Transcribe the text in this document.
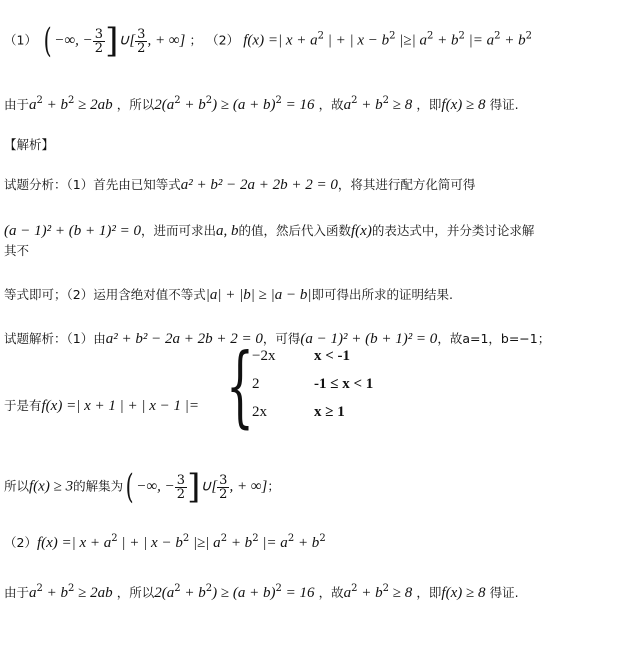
（1） ( −∞, − $\frac{3}{2}$ ]∪[ $\frac{3}{2}$ , + ∞] ； （2） f(x) =| $x + a^2$ | + | $x - b^2$ |≥| $a^2 + b^2$ |= $a^2 + b^2$
由于$a^2 + b^2 \ge 2ab$ ，所以$2(a^2 + b^2) \ge (a + b)^2 = 16$ ，故$a^2 + b^2 \ge 8$ ，即f(x) ≥ 8 得证.
【解析】
试题分析：（1）首先由已知等式a² + b² − 2a + 2b + 2 = 0，将其进行配方化简可得
(a − 1)² + (b + 1)² = 0，进而可求出a, b的值，然后代入函数f(x)的表达式中，并分类讨论求解
其不
等式即可；（2）运用含绝对值不等式|a| + |b| ≥ |a − b|即可得出所求的证明结果.
试题解析：（1）由a² + b² − 2a + 2b + 2 = 0，可得(a − 1)² + (b + 1)² = 0，故a=1，b=−1；
于是有f(x) =| x + 1 | + | x − 1 |= {
−2x	x < -1
2	-1 ≤ x < 1
2x	x ≥ 1
所以f(x) ≥ 3的解集为( −∞, − $\frac{3}{2}$ ]∪[ $\frac{3}{2}$ , + ∞]；
（2）f(x) =| $x + a^2$ | + | $x - b^2$ |≥| $a^2 + b^2$ |= $a^2 + b^2$
由于$a^2 + b^2 \ge 2ab$ ，所以$2(a^2 + b^2) \ge (a + b)^2 = 16$ ，故$a^2 + b^2 \ge 8$ ，即f(x) ≥ 8 得证.
